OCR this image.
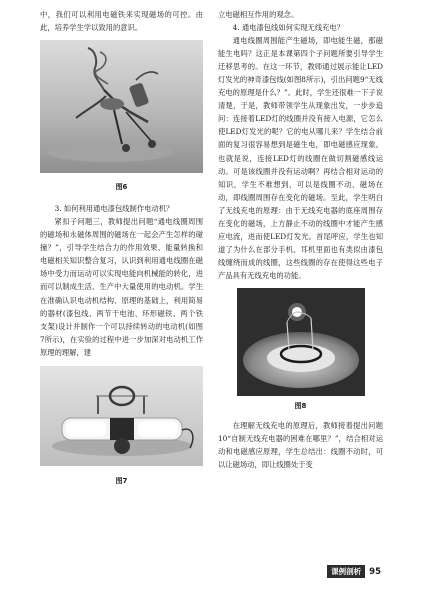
中，我们可以利用电磁铁来实现磁场的可控。由此，培养学生学以致用的意识。

图6

3. 如何利用通电漆包线制作电动机？

紧扣子问题三，教师提出问题“通电线圈周围的磁场和永磁体周围的磁场在一起会产生怎样的碰撞？”，引导学生结合力的作用效果、能量转换和电磁相关知识整合复习，认识到利用通电线圈在磁场中受力而运动可以实现电能向机械能的转化，进而可以制成生活、生产中大量使用的电动机。学生在准确认识电动机结构、原理的基础上，利用简易的器材(漆包线、两节干电池、环形磁铁、两个铁支架)设计并制作一个可以持续转动的电动机(如图7所示)，在实验的过程中进一步加深对电动机工作原理的理解，建

图7

立电磁相互作用的观念。

4. 通电漆包线如何实现无线充电？

通电线圈周围能产生磁场，即电能生磁，那磁能生电吗？这正是本课第四个子问题所要引导学生迁移思考的。在这一环节，教师通过展示能让LED灯发光的神奇漆包线(如图8所示)，引出问题9“无线充电的原理是什么？”。此时，学生还很难一下子说清楚，于是，教师带领学生从现象出发，一步步追问：连接着LED灯的线圈并没有接入电源，它怎么使LED灯发光的呢？它的电从哪儿来？学生结合前面的复习很容易想到是磁生电，即电磁感应现象。也就是说，连接LED灯的线圈在做切割磁感线运动。可是该线圈并没有运动啊？再结合相对运动的知识，学生不难想到，可以是线圈不动、磁场在动，即线圈周围存在变化的磁场。至此，学生明白了无线充电的原理：由于无线充电器的底座周围存在变化的磁场，上方静止不动的线圈中才能产生感应电流，进而使LED灯发光。首尾呼应，学生也知道了为什么在部分手机、耳机里面也有类似由漆包线缠绕而成的线圈，这些线圈的存在使得这些电子产品具有无线充电的功能。

图8

在理解无线充电的原理后，教师接着提出问题10“自制无线充电器的困难在哪里？”，结合相对运动和电磁感应原理，学生总结出：线圈不动时，可以让磁场动，即让线圈处于变

课例剖析 95
